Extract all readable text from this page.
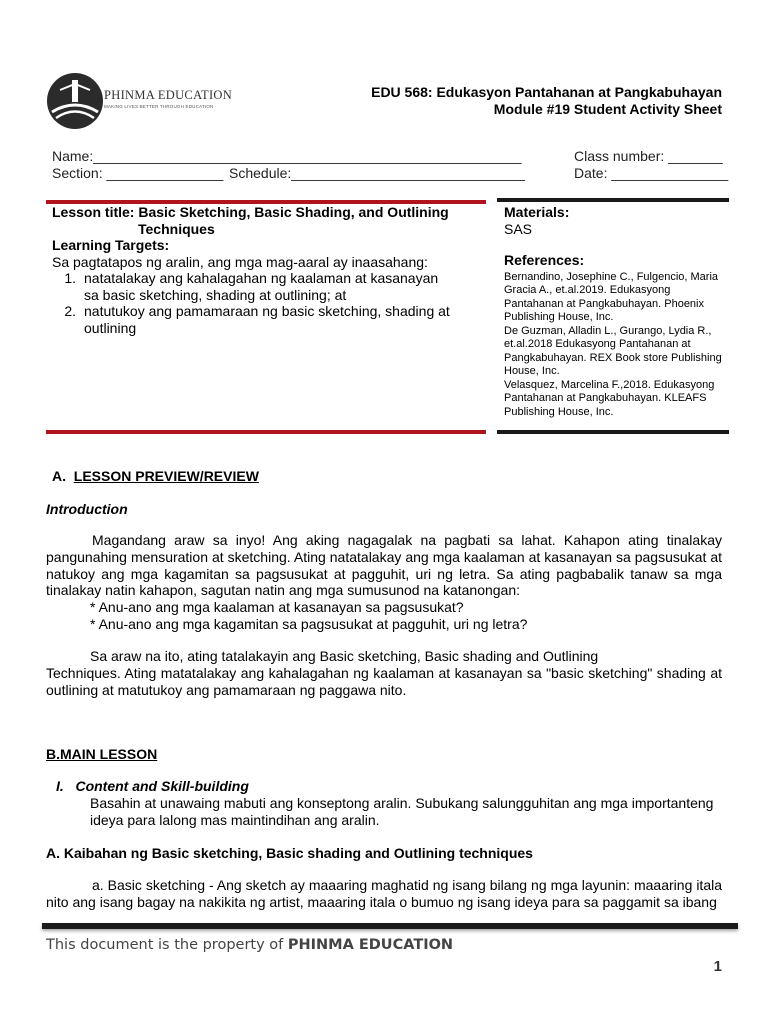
PHINMA EDUCATION
MAKING LIVES BETTER THROUGH EDUCATION
EDU 568: Edukasyon Pantahanan at Pangkabuhayan
Module #19 Student Activity Sheet
Name:_______________________________________________________	Class number: _______
Section: _______________ Schedule:______________________________	Date: _______________
Lesson title: Basic Sketching, Basic Shading, and Outlining
Techniques
Learning Targets:
Sa pagtatapos ng aralin, ang mga mag-aaral ay inaasahang:
1. natatalakay ang kahalagahan ng kaalaman at kasanayan sa basic sketching, shading at outlining; at
2. natutukoy ang pamamaraan ng basic sketching, shading at outlining
Materials:
SAS
References:
Bernandino, Josephine C., Fulgencio, Maria Gracia A., et.al.2019. Edukasyong Pantahanan at Pangkabuhayan. Phoenix Publishing House, Inc.
De Guzman, Alladin L., Gurango, Lydia R., et.al.2018 Edukasyong Pantahanan at Pangkabuhayan. REX Book store Publishing House, Inc.
Velasquez, Marcelina F.,2018. Edukasyong Pantahanan at Pangkabuhayan. KLEAFS Publishing House, Inc.
A. LESSON PREVIEW/REVIEW
Introduction
Magandang araw sa inyo! Ang aking nagagalak na pagbati sa lahat. Kahapon ating tinalakay pangunahing mensuration at sketching. Ating natatalakay ang mga kaalaman at kasanayan sa pagsusukat at natukoy ang mga kagamitan sa pagsusukat at pagguhit, uri ng letra. Sa ating pagbabalik tanaw sa mga tinalakay natin kahapon, sagutan natin ang mga sumusunod na katanongan:
* Anu-ano ang mga kaalaman at kasanayan sa pagsusukat?
* Anu-ano ang mga kagamitan sa pagsusukat at pagguhit, uri ng letra?
Sa araw na ito, ating tatalakayin ang Basic sketching, Basic shading and Outlining
Techniques. Ating matatalakay ang kahalagahan ng kaalaman at kasanayan sa "basic sketching" shading at outlining at matutukoy ang pamamaraan ng paggawa nito.
B.MAIN LESSON
I. Content and Skill-building
Basahin at unawaing mabuti ang konseptong aralin. Subukang salungguhitan ang mga importanteng ideya para lalong mas maintindihan ang aralin.
A. Kaibahan ng Basic sketching, Basic shading and Outlining techniques
a. Basic sketching - Ang sketch ay maaaring maghatid ng isang bilang ng mga layunin: maaaring itala nito ang isang bagay na nakikita ng artist, maaaring itala o bumuo ng isang ideya para sa paggamit sa ibang
This document is the property of PHINMA EDUCATION
1
